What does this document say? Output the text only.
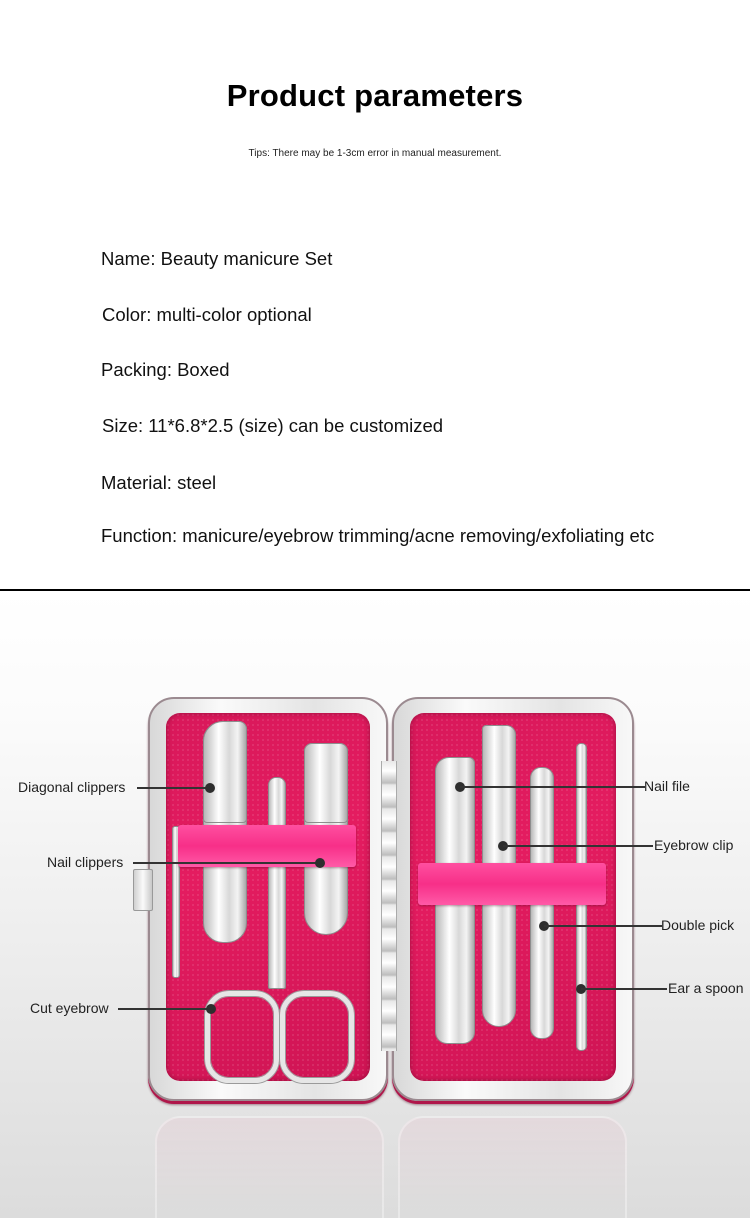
Product parameters
Tips: There may be 1-3cm error in manual measurement.
Name: Beauty manicure Set
Color: multi-color optional
Packing: Boxed
Size: 11*6.8*2.5 (size) can be customized
Material: steel
Function: manicure/eyebrow trimming/acne removing/exfoliating etc
Diagonal clippers
Nail clippers
Cut eyebrow
Nail file
Eyebrow clip
Double pick
Ear a spoon
